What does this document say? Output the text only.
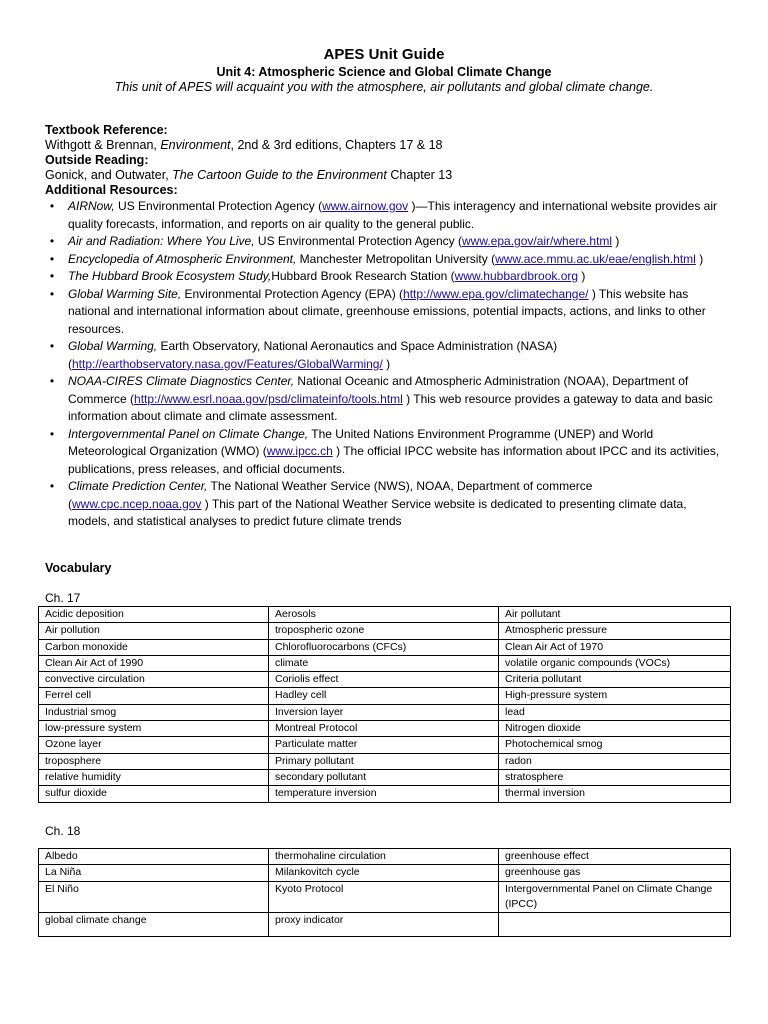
APES Unit Guide
Unit 4: Atmospheric Science and Global Climate Change
This unit of APES will acquaint you with the atmosphere, air pollutants and global climate change.
Textbook Reference:
Withgott & Brennan, Environment, 2nd & 3rd editions, Chapters 17 & 18
Outside Reading:
Gonick, and Outwater, The Cartoon Guide to the Environment Chapter 13
Additional Resources:
•	AIRNow, US Environmental Protection Agency (www.airnow.gov )—This interagency and international website provides air quality forecasts, information, and reports on air quality to the general public.
•	Air and Radiation: Where You Live, US Environmental Protection Agency (www.epa.gov/air/where.html )
•	Encyclopedia of Atmospheric Environment, Manchester Metropolitan University (www.ace.mmu.ac.uk/eae/english.html )
•	The Hubbard Brook Ecosystem Study,Hubbard Brook Research Station (www.hubbardbrook.org )
•	Global Warming Site, Environmental Protection Agency (EPA) (http://www.epa.gov/climatechange/ ) This website has national and international information about climate, greenhouse emissions, potential impacts, actions, and links to other resources.
•	Global Warming, Earth Observatory, National Aeronautics and Space Administration (NASA) (http://earthobservatory.nasa.gov/Features/GlobalWarming/ )
•	NOAA-CIRES Climate Diagnostics Center, National Oceanic and Atmospheric Administration (NOAA), Department of Commerce (http://www.esrl.noaa.gov/psd/climateinfo/tools.html ) This web resource provides a gateway to data and basic information about climate and climate assessment.
•	Intergovernmental Panel on Climate Change, The United Nations Environment Programme (UNEP) and World Meteorological Organization (WMO) (www.ipcc.ch ) The official IPCC website has information about IPCC and its activities, publications, press releases, and official documents.
•	Climate Prediction Center, The National Weather Service (NWS), NOAA, Department of commerce (www.cpc.ncep.noaa.gov ) This part of the National Weather Service website is dedicated to presenting climate data, models, and statistical analyses to predict future climate trends
Vocabulary
Ch. 17
Acidic deposition	Aerosols	Air pollutant
Air pollution	tropospheric ozone	Atmospheric pressure
Carbon monoxide	Chlorofluorocarbons (CFCs)	Clean Air Act of 1970
Clean Air Act of 1990	climate	volatile organic compounds (VOCs)
convective circulation	Coriolis effect	Criteria pollutant
Ferrel cell	Hadley cell	High-pressure system
Industrial smog	Inversion layer	lead
low-pressure system	Montreal Protocol	Nitrogen dioxide
Ozone layer	Particulate matter	Photochemical smog
troposphere	Primary pollutant	radon
relative humidity	secondary pollutant	stratosphere
sulfur dioxide	temperature inversion	thermal inversion
Ch. 18
Albedo	thermohaline circulation	greenhouse effect
La Niña	Milankovitch cycle	greenhouse gas
El Niño	Kyoto Protocol	Intergovernmental Panel on Climate Change (IPCC)
global climate change	proxy indicator	
